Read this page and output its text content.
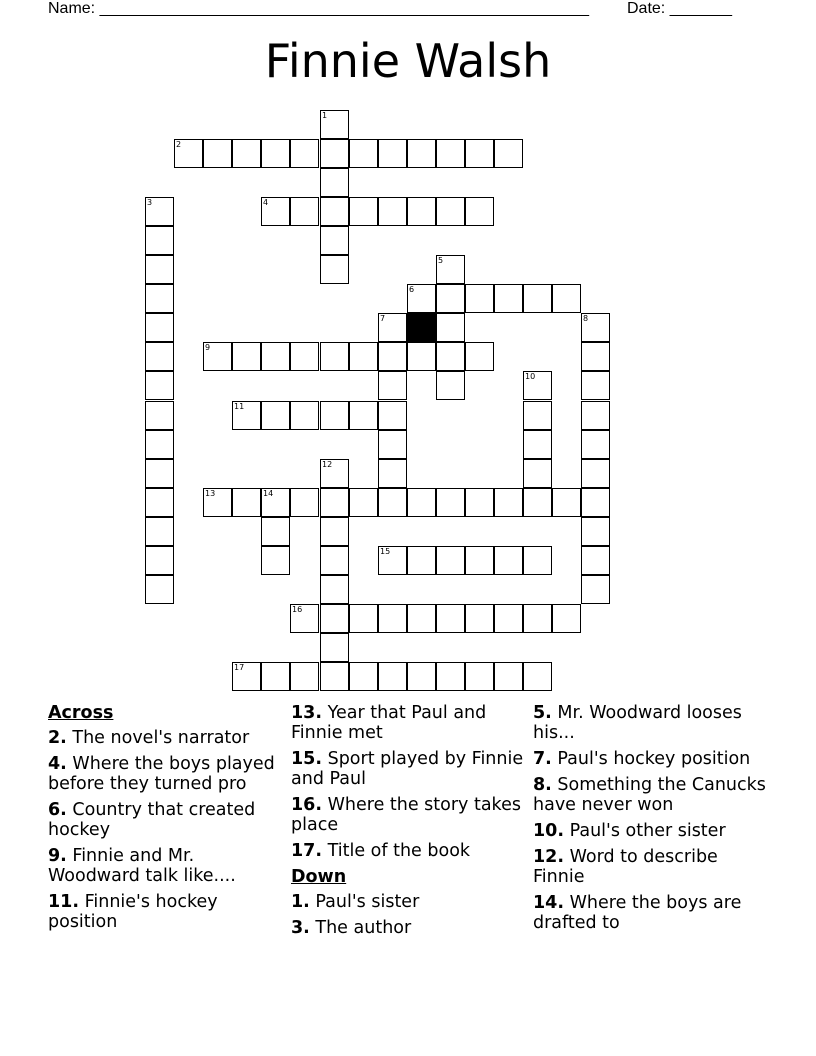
Name: _______________________________________________________ Date: _______
Finnie Walsh
2
4
6
9
11
13	14
15
16
17
1
3
5
7	8
10
12
Across
2. The novel's narrator
4. Where the boys played before they turned pro
6. Country that created hockey
9. Finnie and Mr. Woodward talk like....
11. Finnie's hockey position
13. Year that Paul and Finnie met
15. Sport played by Finnie and Paul
16. Where the story takes place
17. Title of the book
Down
1. Paul's sister
3. The author
5. Mr. Woodward looses his...
7. Paul's hockey position
8. Something the Canucks have never won
10. Paul's other sister
12. Word to describe Finnie
14. Where the boys are drafted to
